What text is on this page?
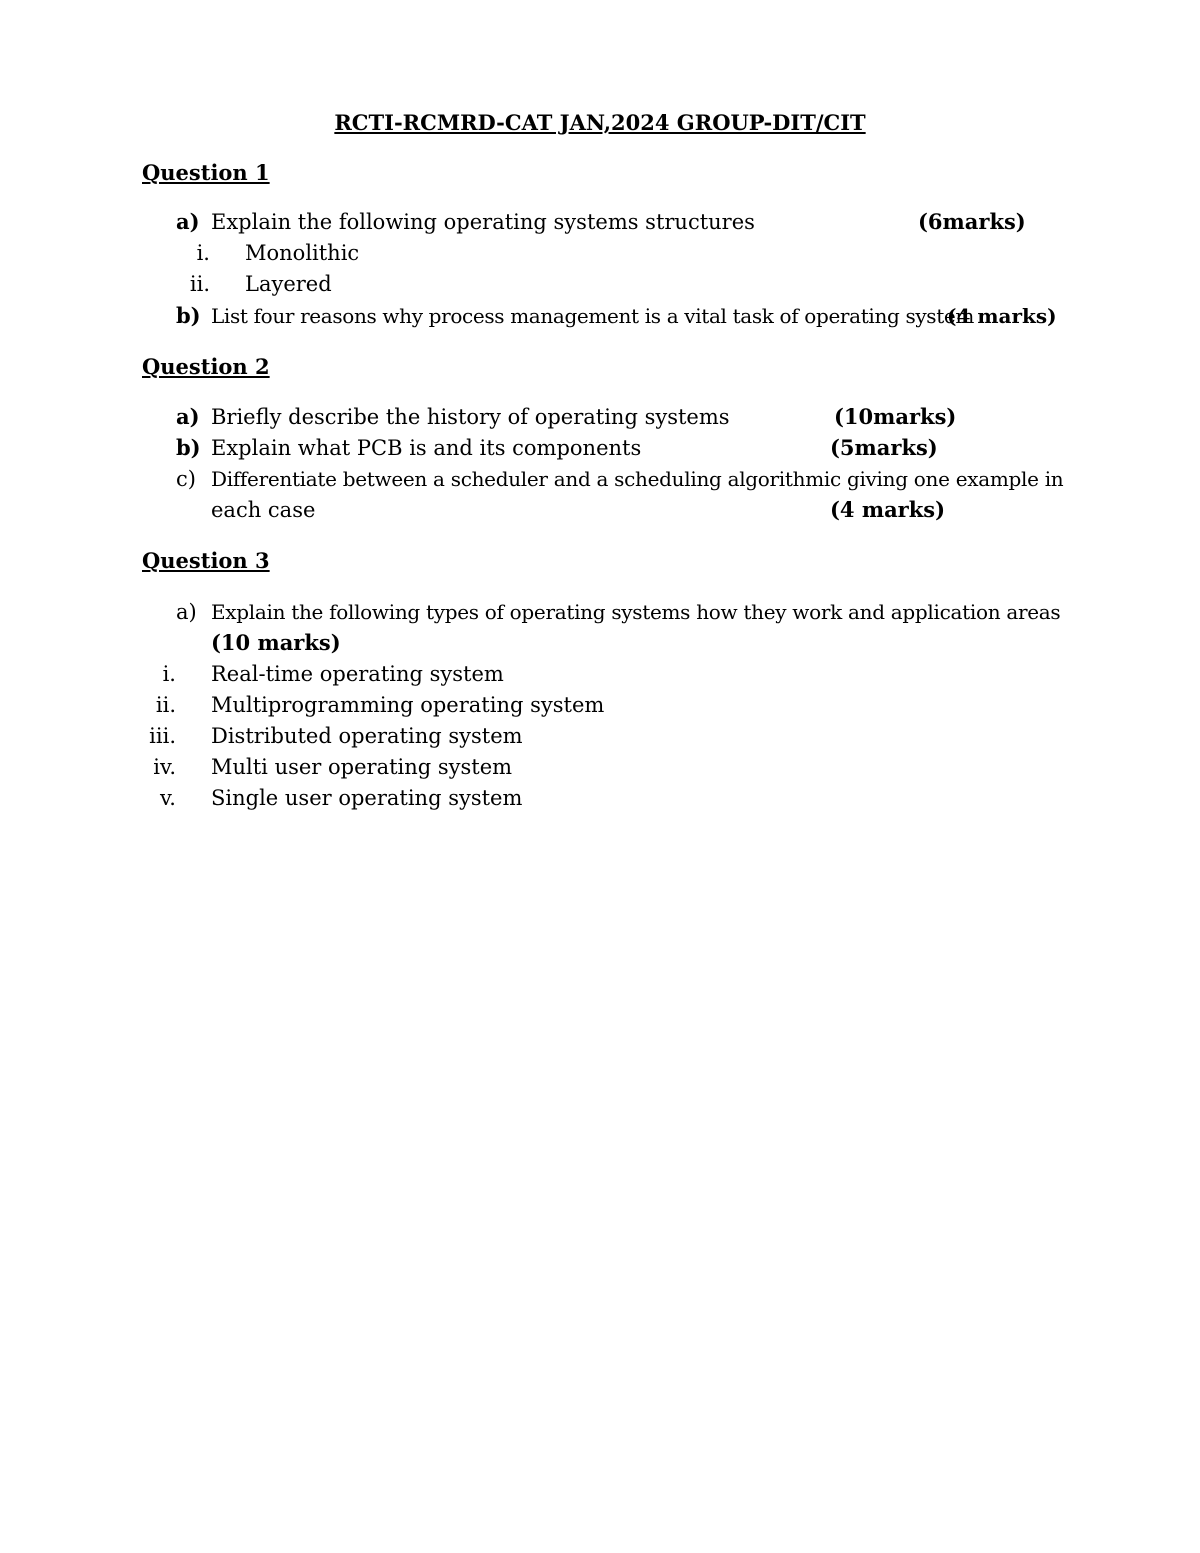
RCTI-RCMRD-CAT JAN,2024 GROUP-DIT/CIT
Question 1
a) Explain the following operating systems structures	(6marks)
i. Monolithic
ii. Layered
b) List four reasons why process management is a vital task of operating system
(4 marks)
Question 2
a) Briefly describe the history of operating systems	(10marks)
b) Explain what PCB is and its components	(5marks)
c) Differentiate between a scheduler and a scheduling algorithmic giving one example in
each case	(4 marks)
Question 3
a) Explain the following types of operating systems how they work and application areas
(10 marks)
i. Real-time operating system
ii. Multiprogramming operating system
iii. Distributed operating system
iv. Multi user operating system
v. Single user operating system
